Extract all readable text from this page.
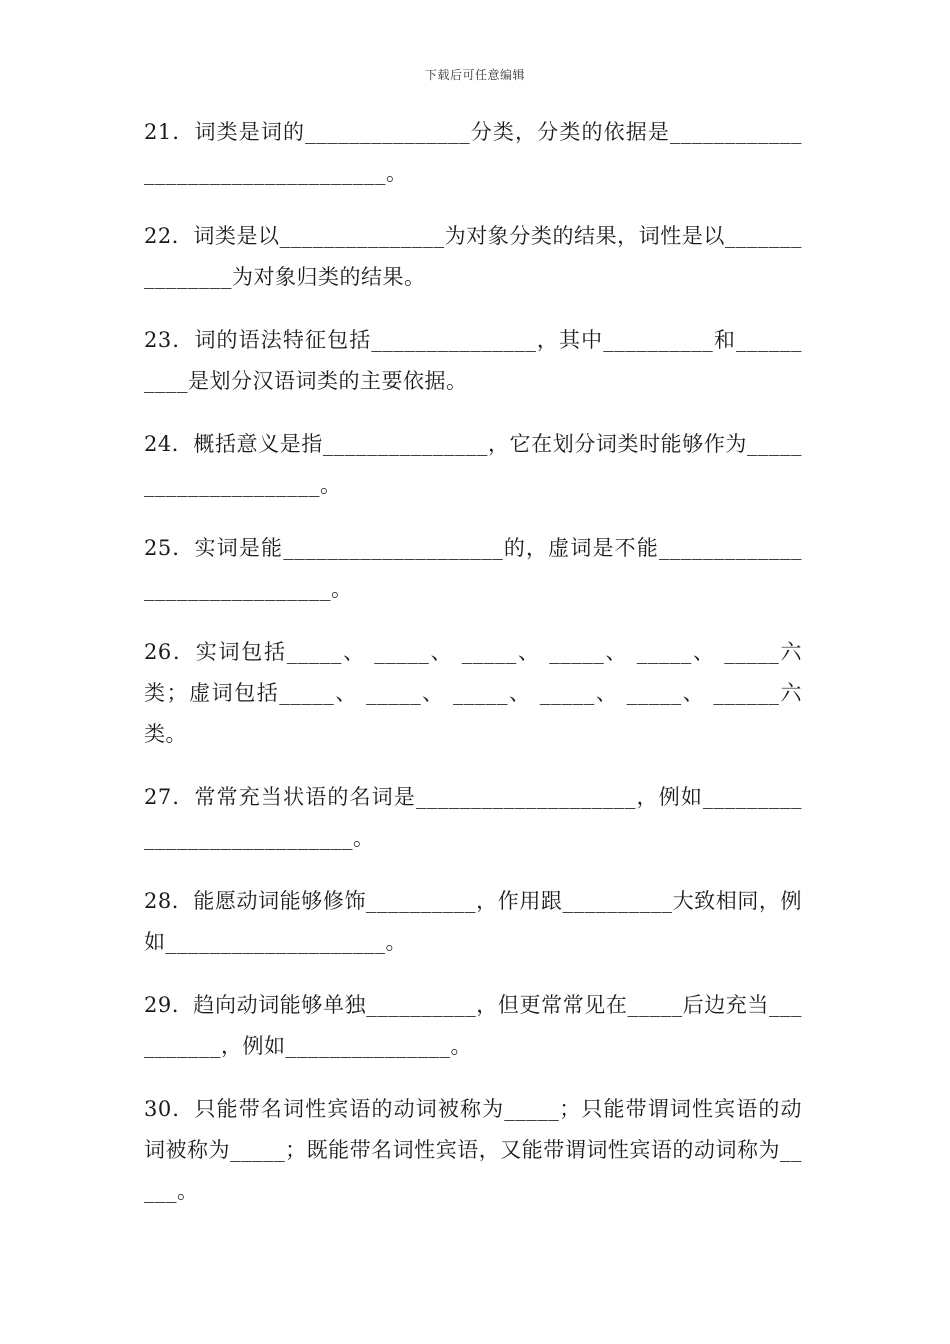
下载后可任意编辑

21．词类是词的_______________分类，分类的依据是__________________________________。

22．词类是以_______________为对象分类的结果，词性是以_______________为对象归类的结果。

23．词的语法特征包括_______________，其中__________和__________是划分汉语词类的主要依据。

24．概括意义是指_______________，它在划分词类时能够作为_____________________。

25．实词是能____________________的，虚词是不能______________________________。

26．实词包括_____、 _____、 _____、 _____、 _____、 _____六类；虚词包括_____、 _____、 _____、 _____、 _____、 ______六类。

27．常常充当状语的名词是____________________，例如____________________________。

28．能愿动词能够修饰__________，作用跟__________大致相同，例如____________________。

29．趋向动词能够单独__________，但更常常见在_____后边充当__________，例如_______________。

30．只能带名词性宾语的动词被称为_____；只能带谓词性宾语的动词被称为_____；既能带名词性宾语，又能带谓词性宾语的动词称为_____。
